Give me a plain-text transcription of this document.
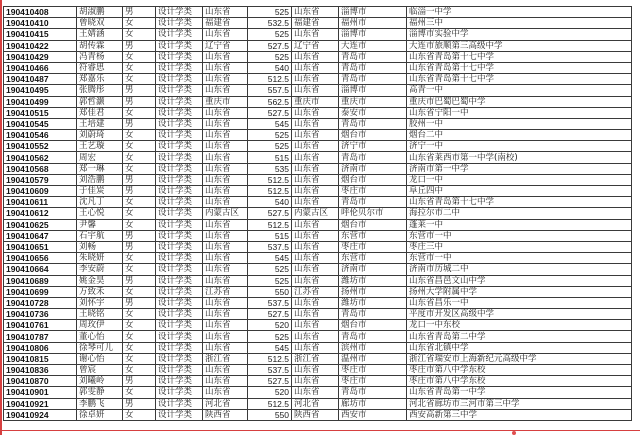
190410408	胡淑鹏	男	设计学类	山东省	525	山东省	淄博市	临淄一中学
190410410	曾晓双	女	设计学类	福建省	532.5	福建省	福州市	福州三中
190410415	王婧涵	女	设计学类	山东省	525	山东省	淄博市	淄博市实验中学
190410422	胡传霖	男	设计学类	辽宁省	527.5	辽宁省	大连市	大连市旅顺第三高级中学
190410429	冯青杨	女	设计学类	山东省	525	山东省	青岛市	山东省青岛第十七中学
190410466	符睿思	女	设计学类	山东省	540	山东省	青岛市	山东省青岛第十七中学
190410487	郑嘉乐	女	设计学类	山东省	512.5	山东省	青岛市	山东省青岛第十七中学
190410495	张腾彤	男	设计学类	山东省	557.5	山东省	淄博市	高青一中
190410499	郭哲灏	男	设计学类	重庆市	562.5	重庆市	重庆市	重庆市巴蜀巴蜀中学
190410515	郑佳君	女	设计学类	山东省	527.5	山东省	泰安市	山东省宁阳一中
190410545	王培建	男	设计学类	山东省	545	山东省	青岛市	胶州一中
190410546	刘蔚琦	女	设计学类	山东省	525	山东省	烟台市	烟台二中
190410552	王艺璇	女	设计学类	山东省	525	山东省	济宁市	济宁一中
190410562	周宏	女	设计学类	山东省	515	山东省	青岛市	山东省莱西市第一中学(南校)
190410568	郑一琳	女	设计学类	山东省	535	山东省	济南市	济南市第一中学
190410579	刘浩鹏	男	设计学类	山东省	512.5	山东省	烟台市	龙口一中
190410609	于佳炭	男	设计学类	山东省	512.5	山东省	枣庄市	阜丘四中
190410611	沈凡丁	女	设计学类	山东省	540	山东省	青岛市	山东省青岛第十七中学
190410612	王心悦	女	设计学类	内蒙古区	527.5	内蒙古区	呼伦贝尔市	海拉尔市二中
190410625	尹馨	女	设计学类	山东省	512.5	山东省	烟台市	蓬莱一中
190410647	石宇航	男	设计学类	山东省	515	山东省	东营市	东营市一中
190410651	刘畅	男	设计学类	山东省	537.5	山东省	枣庄市	枣庄三中
190410656	朱晓妍	女	设计学类	山东省	545	山东省	东营市	东营市一中
190410664	李安蔚	女	设计学类	山东省	525	山东省	济南市	济南市历城二中
190410689	姚金昊	男	设计学类	山东省	525	山东省	潍坊市	山东省昌邑文山中学
190410699	万致禾	女	设计学类	江苏省	550	江苏省	扬州市	扬州大学附属中学
190410728	刘怀宇	男	设计学类	山东省	537.5	山东省	潍坊市	山东省昌乐一中
190410736	王晓铭	女	设计学类	山东省	527.5	山东省	青岛市	平度市开发区高级中学
190410761	周玫伊	女	设计学类	山东省	520	山东省	烟台市	龙口一中东校
190410787	董心怡	女	设计学类	山东省	525	山东省	青岛市	山东省青岛第二中学
190410806	徐琴可儿	女	设计学类	山东省	545	山东省	滨州市	山东省北镇中学
190410815	谢心怡	女	设计学类	浙江省	512.5	浙江省	温州市	浙江省瑞安市上海新纪元高级中学
190410836	曾宸	女	设计学类	山东省	537.5	山东省	枣庄市	枣庄市第八中学东校
190410870	刘曦岭	男	设计学类	山东省	527.5	山东省	枣庄市	枣庄市第八中学东校
190410901	郭雯静	女	设计学类	山东省	520	山东省	青岛市	山东省青岛第一中学
190410921	李鹏飞	男	设计学类	河北省	512.5	河北省	廊坊市	河北省廊坊市三河市第三中学
190410924	徐卓妍	女	设计学类	陕西省	550	陕西省	西安市	西安高新第三中学
